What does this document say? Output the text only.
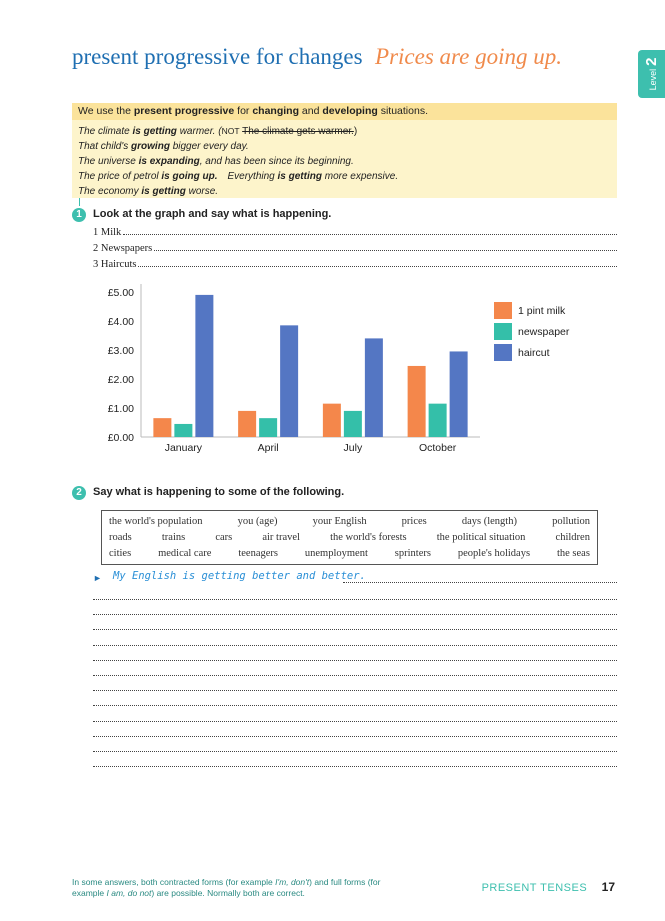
present progressive for changes Prices are going up.
Level2
We use the present progressive for changing and developing situations.
The climate is getting warmer. (NOT The climate gets warmer.)
That child's growing bigger every day.
The universe is expanding, and has been since its beginning.
The price of petrol is going up. Everything is getting more expensive.
The economy is getting worse.
1	Look at the graph and say what is happening.
1 Milk
2 Newspapers
3 Haircuts
£0.00
£1.00
£2.00
£3.00
£4.00
£5.00
January	April	July	October
1 pint milk
newspaper
haircut
2	Say what is happening to some of the following.
the world's population	you (age)	your English	prices	days (length)	pollution
roads	trains	cars	air travel	the world's forests	the political situation	children
cities	medical care	teenagers	unemployment	sprinters	people's holidays	the seas
► My English is getting better and better.
In some answers, both contracted forms (for example I'm, don't) and full forms (for example I am, do not) are possible. Normally both are correct.	PRESENT TENSES 17
